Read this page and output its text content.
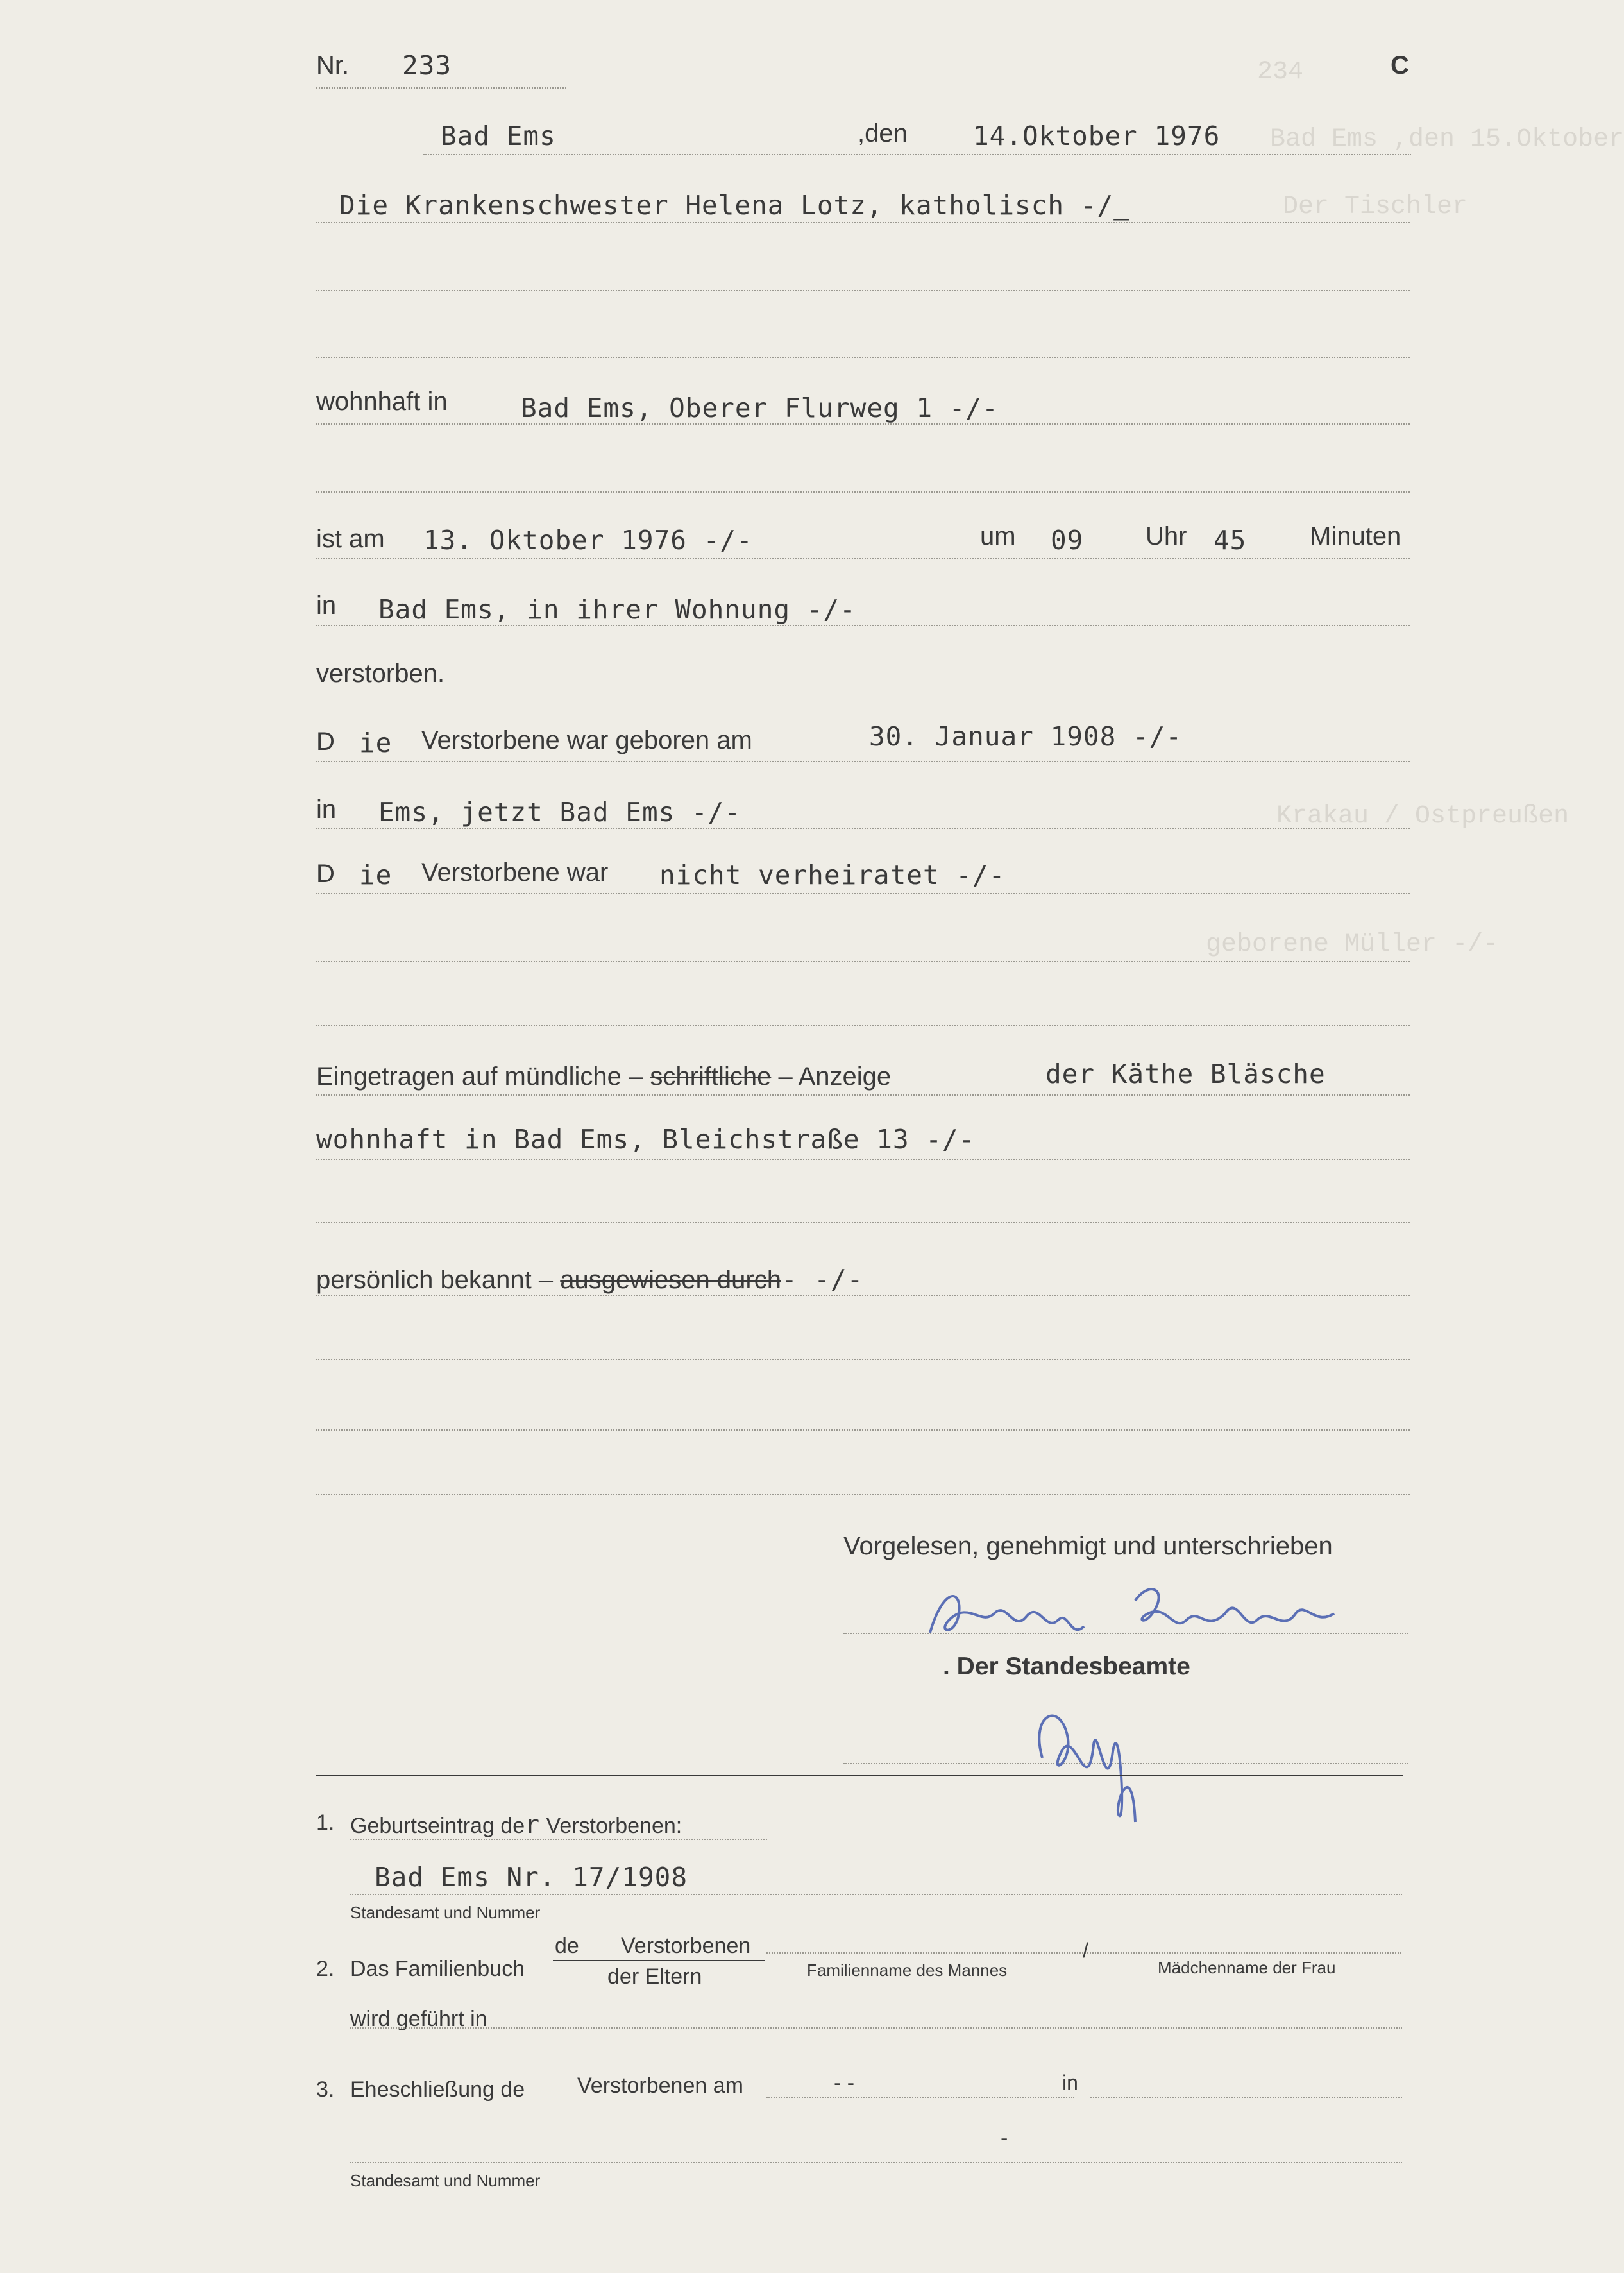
234
Bad Ems ,den 15.Oktober
Der Tischler
Krakau / Ostpreußen
geborene Müller -/-
Nr. 233	C
Bad Ems	,den 14.Oktober 1976
Die Krankenschwester Helena Lotz, katholisch -/_
wohnhaft in	Bad Ems, Oberer Flurweg 1 -/-
ist am 13. Oktober 1976 -/-	um 09 Uhr 45 Minuten
in Bad Ems, in ihrer Wohnung -/-
verstorben.
D ie Verstorbene war geboren am	30. Januar 1908 -/-
in Ems, jetzt Bad Ems -/-
D ie Verstorbene war nicht verheiratet -/-
Eingetragen auf mündliche – schriftliche – Anzeige	der Käthe Bläsche
wohnhaft in Bad Ems, Bleichstraße 13 -/-
persönlich bekannt – ausgewiesen durch- -/-
Vorgelesen, genehmigt und unterschrieben
. Der Standesbeamte
1. Geburtseintrag der Verstorbenen:
Bad Ems Nr. 17/1908
Standesamt und Nummer
2. Das Familienbuch
de Verstorbenen
der Eltern	Familienname des Mannes
/
Mädchenname der Frau
wird geführt in
3. Eheschließung de Verstorbenen am	- -	in
-
Standesamt und Nummer
